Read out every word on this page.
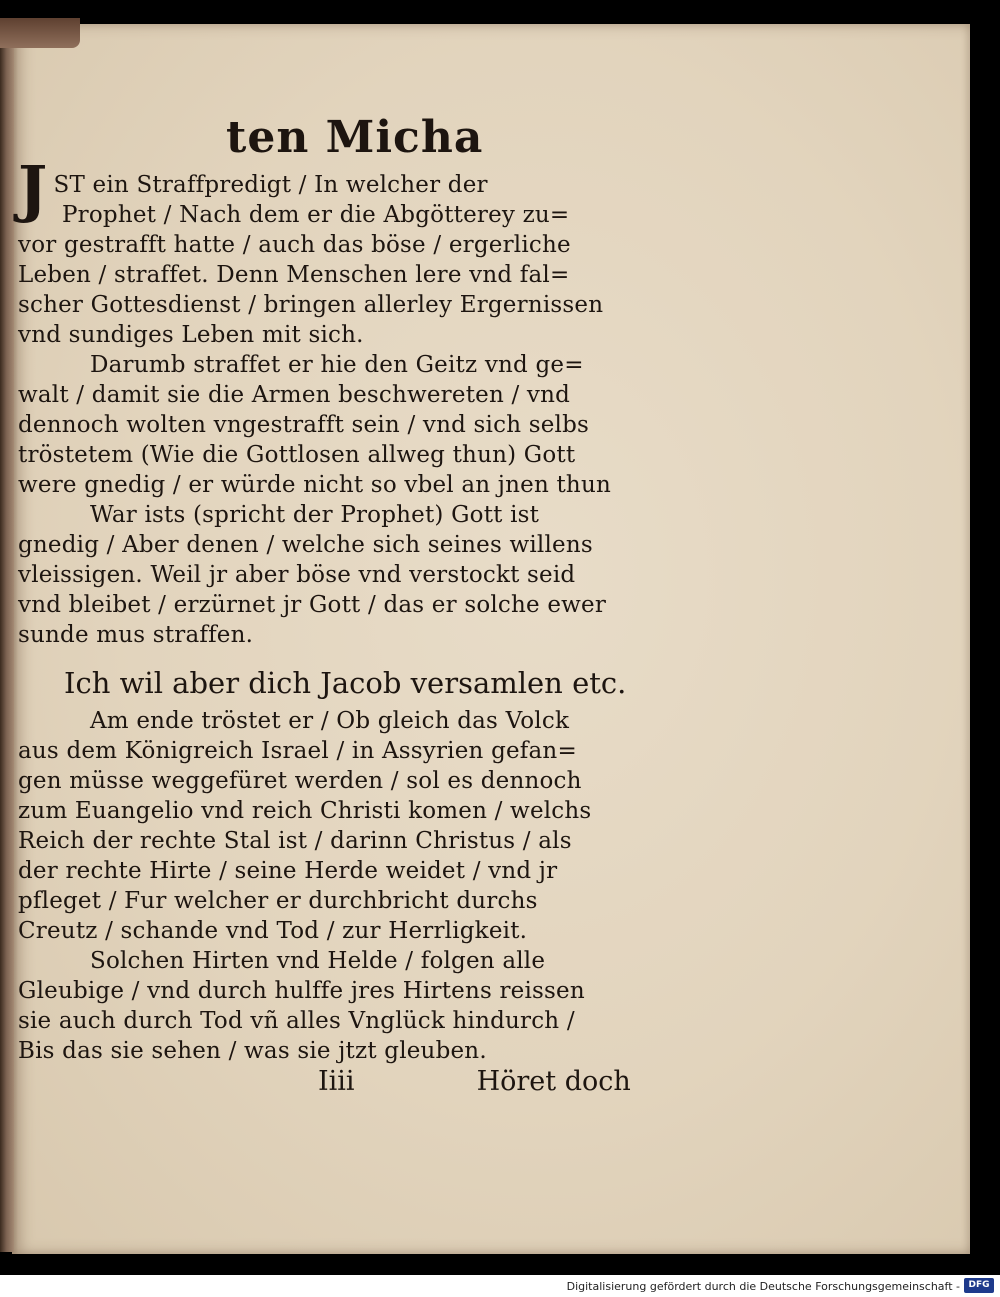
ten Micha
J ST ein Straffpredigt / In welcher der
Prophet / Nach dem er die Abgötterey zu=
vor gestrafft hatte / auch das böse / ergerliche
Leben / straffet. Denn Menschen lere vnd fal=
scher Gottesdienst / bringen allerley Ergernissen
vnd sundiges Leben mit sich.
Darumb straffet er hie den Geitz vnd ge=
walt / damit sie die Armen beschwereten / vnd
dennoch wolten vngestrafft sein / vnd sich selbs
tröstetem (Wie die Gottlosen allweg thun) Gott
were gnedig / er würde nicht so vbel an jnen thun
War ists (spricht der Prophet) Gott ist
gnedig / Aber denen / welche sich seines willens
vleissigen. Weil jr aber böse vnd verstockt seid
vnd bleibet / erzürnet jr Gott / das er solche ewer
sunde mus straffen.
Ich wil aber dich Jacob versamlen etc.
Am ende tröstet er / Ob gleich das Volck
aus dem Königreich Israel / in Assyrien gefan=
gen müsse weggefüret werden / sol es dennoch
zum Euangelio vnd reich Christi komen / welchs
Reich der rechte Stal ist / darinn Christus / als
der rechte Hirte / seine Herde weidet / vnd jr
pfleget / Fur welcher er durchbricht durchs
Creutz / schande vnd Tod / zur Herrligkeit.
Solchen Hirten vnd Helde / folgen alle
Gleubige / vnd durch hulffe jres Hirtens reissen
sie auch durch Tod vñ alles Vnglück hindurch /
Bis das sie sehen / was sie jtzt gleuben.
Iiii	Höret doch
Digitalisierung gefördert durch die Deutsche Forschungsgemeinschaft - DFG
